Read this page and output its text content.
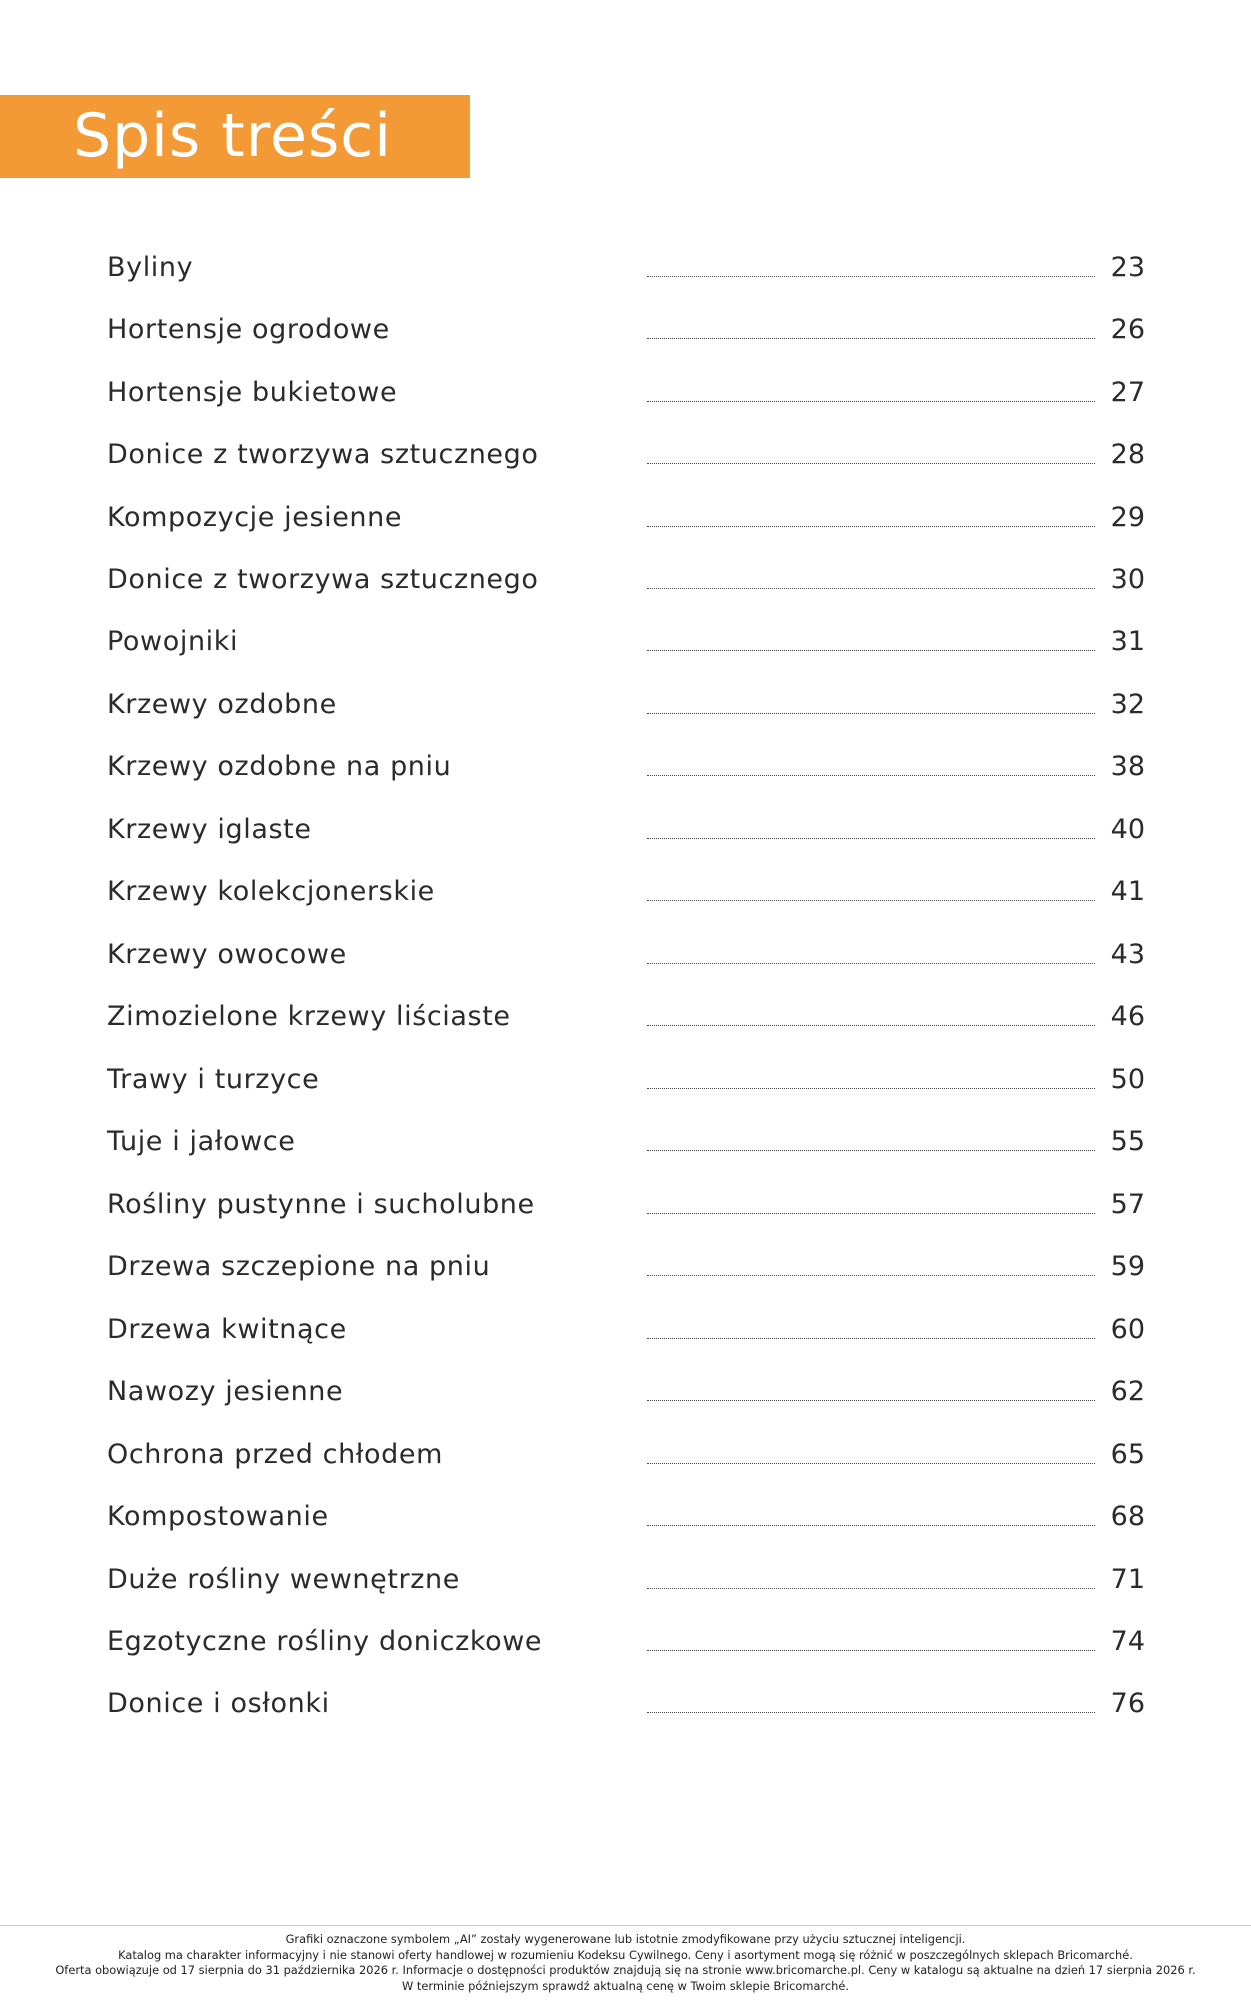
Spis treści
Byliny	23
Hortensje ogrodowe	26
Hortensje bukietowe	27
Donice z tworzywa sztucznego	28
Kompozycje jesienne	29
Donice z tworzywa sztucznego	30
Powojniki	31
Krzewy ozdobne	32
Krzewy ozdobne na pniu	38
Krzewy iglaste	40
Krzewy kolekcjonerskie	41
Krzewy owocowe	43
Zimozielone krzewy liściaste	46
Trawy i turzyce	50
Tuje i jałowce	55
Rośliny pustynne i sucholubne	57
Drzewa szczepione na pniu	59
Drzewa kwitnące	60
Nawozy jesienne	62
Ochrona przed chłodem	65
Kompostowanie	68
Duże rośliny wewnętrzne	71
Egzotyczne rośliny doniczkowe	74
Donice i osłonki	76
Grafiki oznaczone symbolem „AI” zostały wygenerowane lub istotnie zmodyfikowane przy użyciu sztucznej inteligencji.
Katalog ma charakter informacyjny i nie stanowi oferty handlowej w rozumieniu Kodeksu Cywilnego. Ceny i asortyment mogą się różnić w poszczególnych sklepach Bricomarché.
Oferta obowiązuje od 17 sierpnia do 31 października 2026 r. Informacje o dostępności produktów znajdują się na stronie www.bricomarche.pl. Ceny w katalogu są aktualne na dzień 17 sierpnia 2026 r.
W terminie późniejszym sprawdź aktualną cenę w Twoim sklepie Bricomarché.
